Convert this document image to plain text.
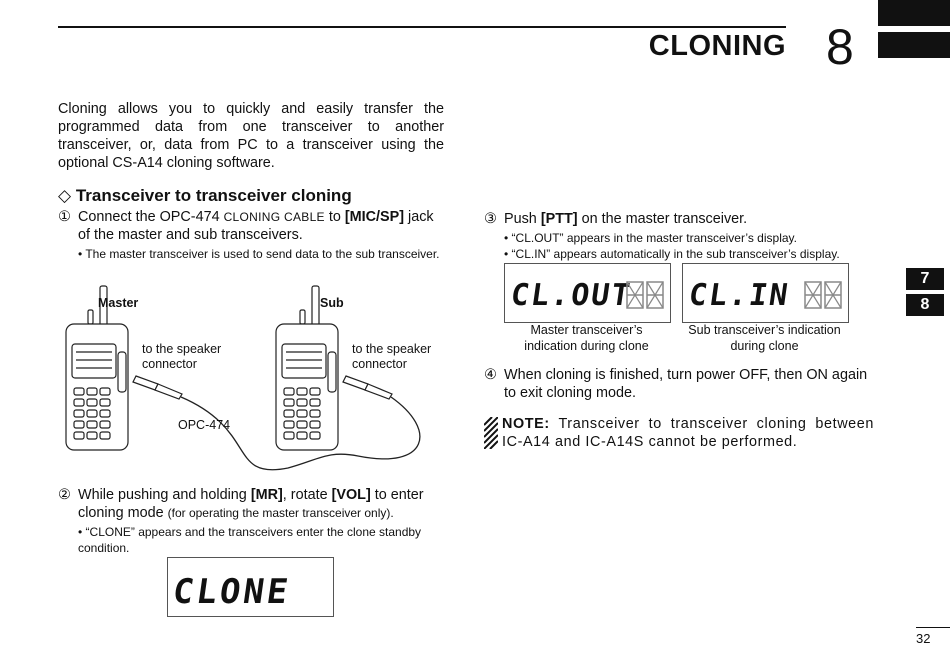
CLONING 8
7
8
Cloning allows you to quickly and easily transfer the programmed data from one transceiver to another transceiver, or, data from PC to a transceiver using the optional CS-A14 cloning software.
◇ Transceiver to transceiver cloning
① Connect the OPC-474 CLONING CABLE to [MIC/SP] jack of the master and sub transceivers.
• The master transceiver is used to send data to the sub transceiver.
Master	Sub
to the speaker connector
to the speaker connector
OPC-474
② While pushing and holding [MR], rotate [VOL] to enter cloning mode (for operating the master transceiver only).
• “CLONE” appears and the transceivers enter the clone standby condition.
CLONE
③ Push [PTT] on the master transceiver.
• “CL.OUT” appears in the master transceiver’s display.
• “CL.IN” appears automatically in the sub transceiver’s display.
CL.OUT CL.IN
Master transceiver’s indication during clone
Sub transceiver’s indication during clone
④ When cloning is finished, turn power OFF, then ON again to exit cloning mode.
NOTE: Transceiver to transceiver cloning between IC-A14 and IC-A14S cannot be performed.
32
